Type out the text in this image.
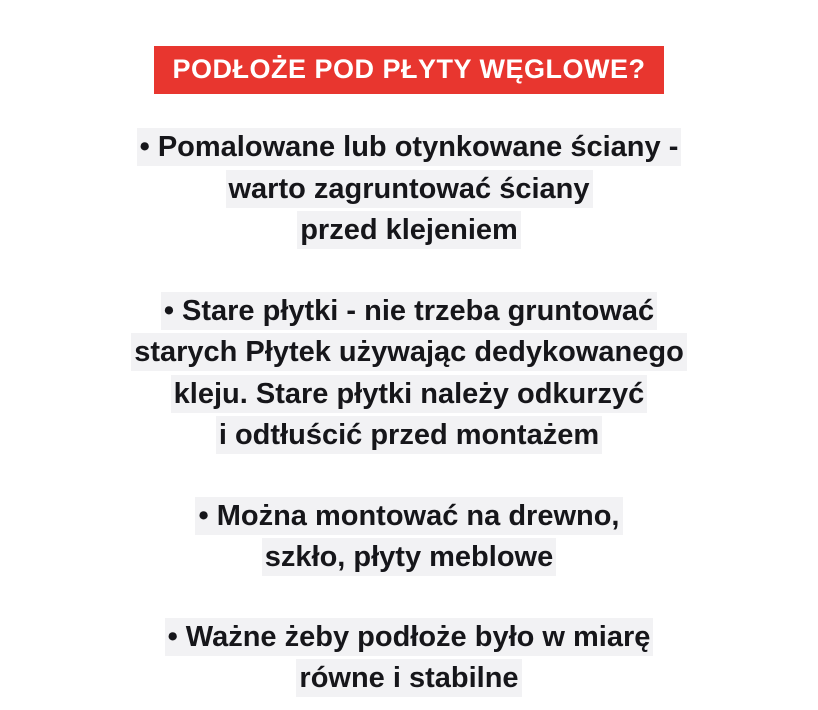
PODŁOŻE POD PŁYTY WĘGLOWE?
• Pomalowane lub otynkowane ściany -
warto zagruntować ściany
przed klejeniem
• Stare płytki - nie trzeba gruntować
starych Płytek używając dedykowanego
kleju. Stare płytki należy odkurzyć
i odtłuścić przed montażem
• Można montować na drewno,
szkło, płyty meblowe
• Ważne żeby podłoże było w miarę
równe i stabilne
